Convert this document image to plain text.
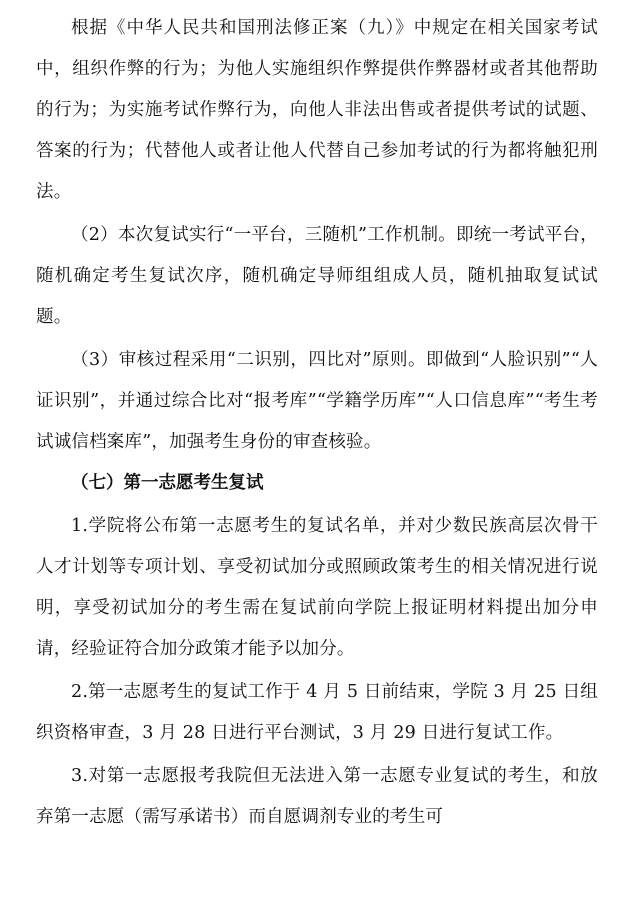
根据《中华人民共和国刑法修正案（九）》中规定在相关国家考试中，组织作弊的行为；为他人实施组织作弊提供作弊器材或者其他帮助的行为；为实施考试作弊行为，向他人非法出售或者提供考试的试题、答案的行为；代替他人或者让他人代替自己参加考试的行为都将触犯刑法。

（2）本次复试实行“一平台，三随机”工作机制。即统一考试平台，随机确定考生复试次序，随机确定导师组组成人员，随机抽取复试试题。

（3）审核过程采用“二识别，四比对”原则。即做到“人脸识别”“人证识别”，并通过综合比对“报考库”“学籍学历库”“人口信息库”“考生考试诚信档案库”，加强考生身份的审查核验。

（七）第一志愿考生复试

1.学院将公布第一志愿考生的复试名单，并对少数民族高层次骨干人才计划等专项计划、享受初试加分或照顾政策考生的相关情况进行说明，享受初试加分的考生需在复试前向学院上报证明材料提出加分申请，经验证符合加分政策才能予以加分。

2.第一志愿考生的复试工作于 4 月 5 日前结束，学院 3 月 25 日组织资格审查，3 月 28 日进行平台测试，3 月 29 日进行复试工作。

3.对第一志愿报考我院但无法进入第一志愿专业复试的考生，和放弃第一志愿（需写承诺书）而自愿调剂专业的考生可
